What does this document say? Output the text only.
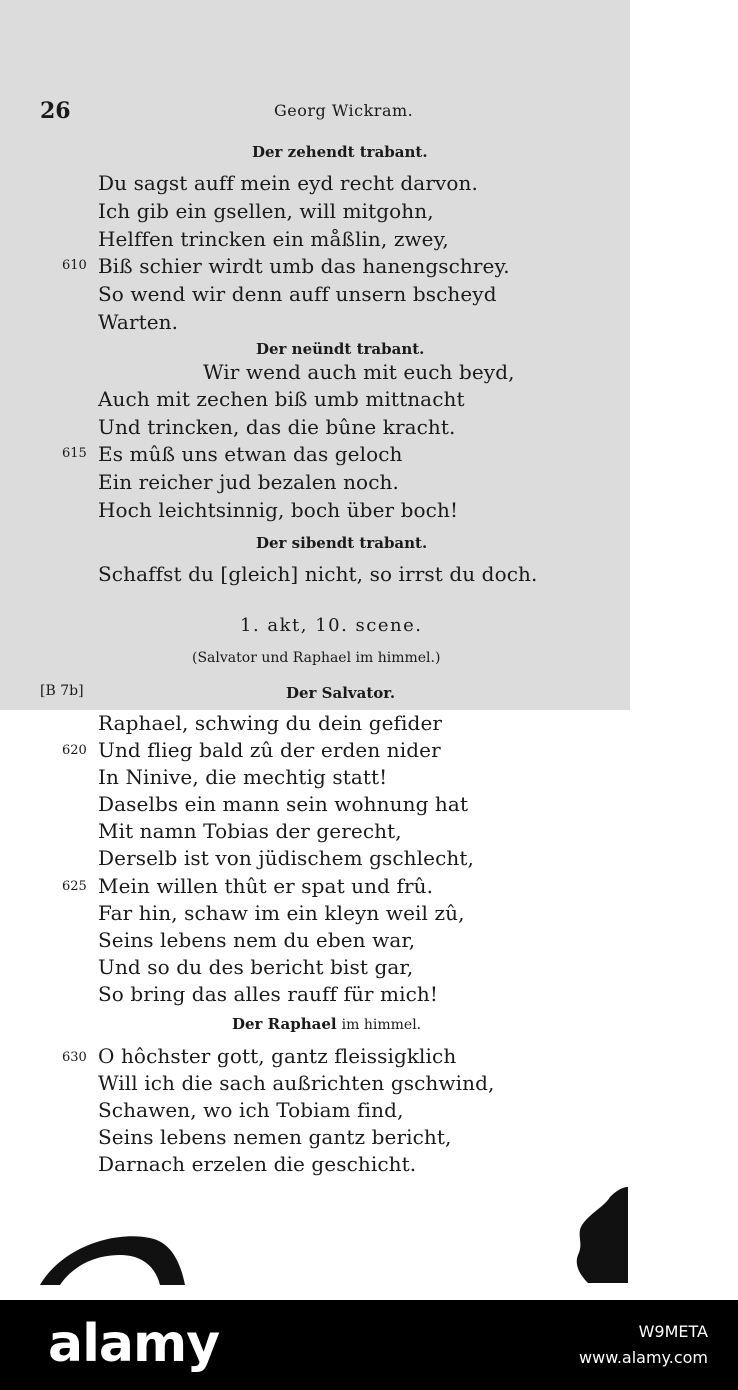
26	Georg Wickram.
Der zehendt trabant.
Du sagst auff mein eyd recht darvon.
Ich gib ein gsellen, will mitgohn,
Helffen trincken ein måßlin, zwey,
610 Biß schier wirdt umb das hanengschrey.
So wend wir denn auff unsern bscheyd
Warten.
Der neündt trabant.
Wir wend auch mit euch beyd,
Auch mit zechen biß umb mittnacht
Und trincken, das die bûne kracht.
615 Es mûß uns etwan das geloch
Ein reicher jud bezalen noch.
Hoch leichtsinnig, boch über boch!
Der sibendt trabant.
Schaffst du [gleich] nicht, so irrst du doch.
1. akt, 10. scene.
(Salvator und Raphael im himmel.)
[B 7b]	Der Salvator.
Raphael, schwing du dein gefider
620 Und flieg bald zû der erden nider
In Ninive, die mechtig statt!
Daselbs ein mann sein wohnung hat
Mit namn Tobias der gerecht,
Derselb ist von jüdischem gschlecht,
625 Mein willen thût er spat und frû.
Far hin, schaw im ein kleyn weil zû,
Seins lebens nem du eben war,
Und so du des bericht bist gar,
So bring das alles rauff für mich!
Der Raphael im himmel.
630 O hôchster gott, gantz fleissigklich
Will ich die sach außrichten gschwind,
Schawen, wo ich Tobiam find,
Seins lebens nemen gantz bericht,
Darnach erzelen die geschicht.
alamy	W9META
www.alamy.com
